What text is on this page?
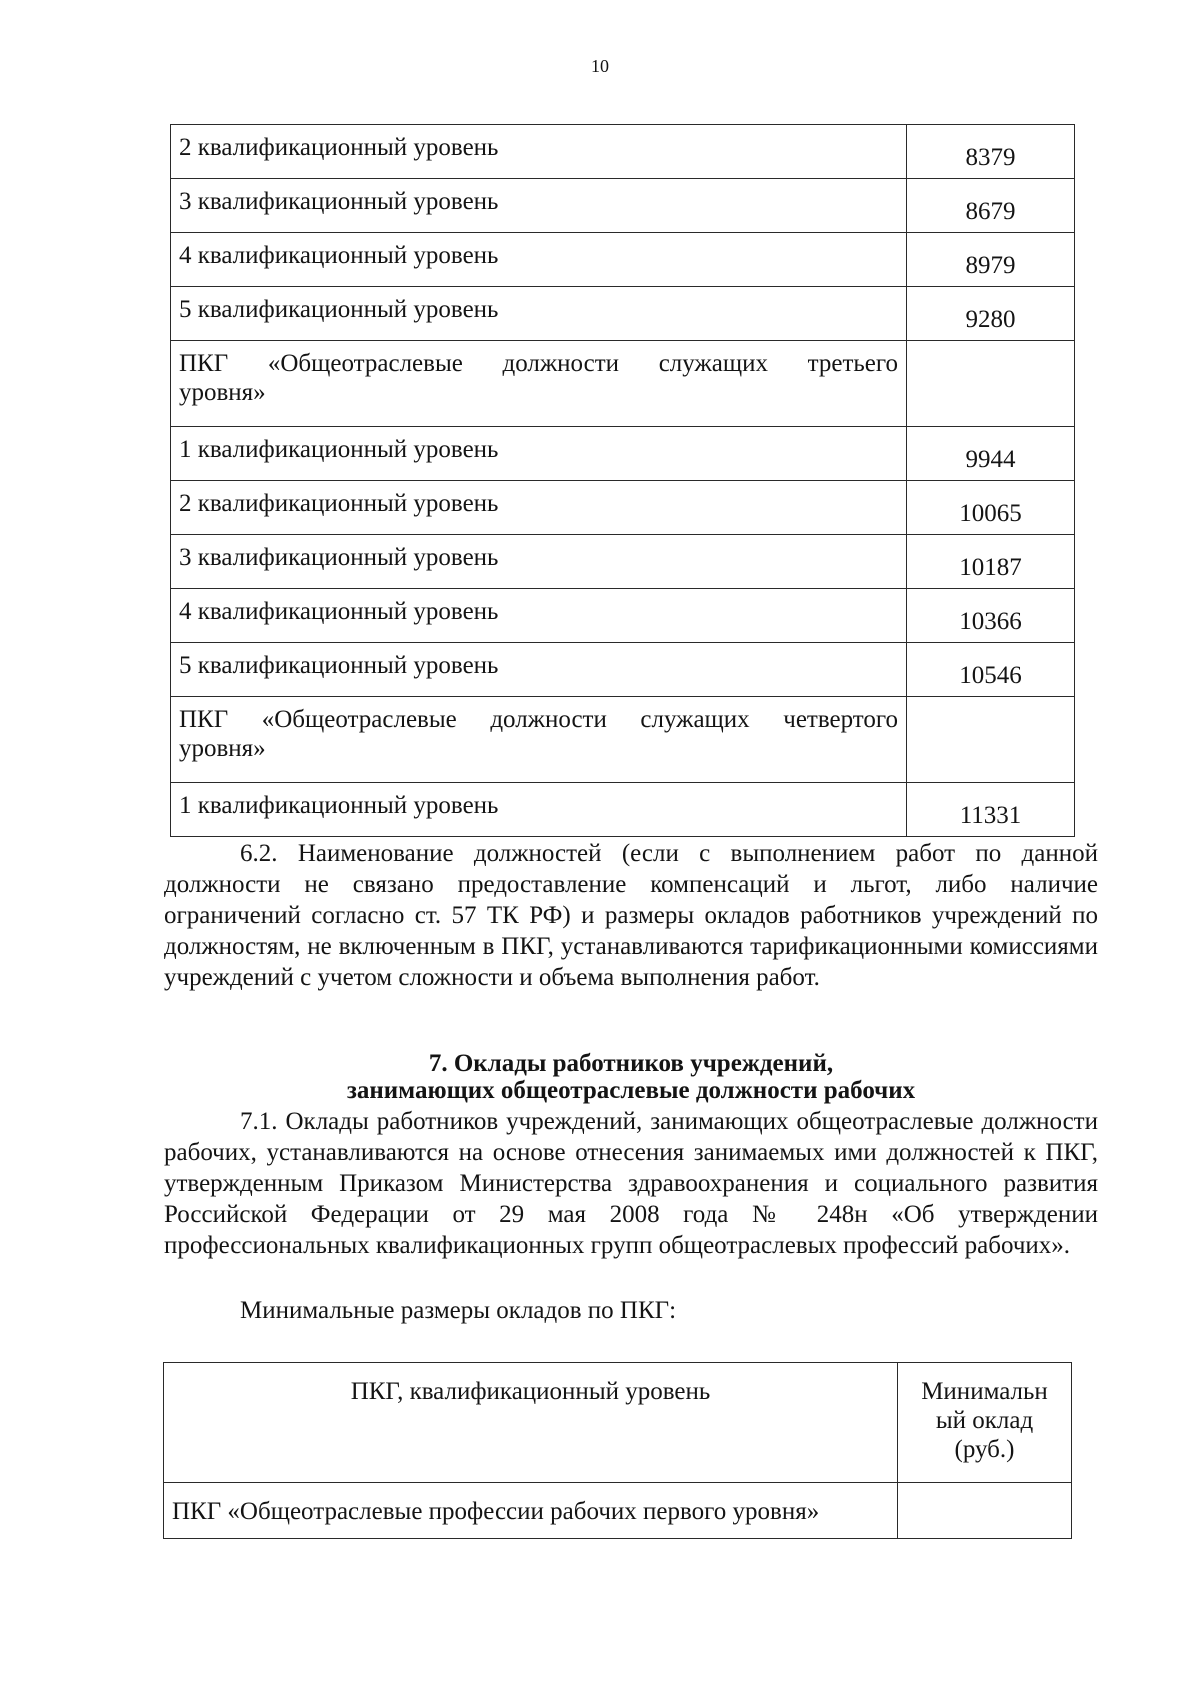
10
2 квалификационный уровень	8379
3 квалификационный уровень	8679
4 квалификационный уровень	8979
5 квалификационный уровень	9280

ПКГ «Общеотраслевые должности служащих третьего
уровня»	
1 квалификационный уровень	9944
2 квалификационный уровень	10065
3 квалификационный уровень	10187
4 квалификационный уровень	10366
5 квалификационный уровень	10546

ПКГ «Общеотраслевые должности служащих четвертого
уровня»	
1 квалификационный уровень	11331
6.2. Наименование должностей (если с выполнением работ по данной должности не связано предоставление компенсаций и льгот, либо наличие ограничений согласно ст. 57 ТК РФ) и размеры окладов работников учреждений по должностям, не включенным в ПКГ, устанавливаются тарификационными комиссиями учреждений с учетом сложности и объема выполнения работ.
7. Оклады работников учреждений,
занимающих общеотраслевые должности рабочих
7.1. Оклады работников учреждений, занимающих общеотраслевые должности рабочих, устанавливаются на основе отнесения занимаемых ими должностей к ПКГ, утвержденным Приказом Министерства здравоохранения и социального развития Российской Федерации от 29 мая 2008 года № 248н «Об утверждении профессиональных квалификационных групп общеотраслевых профессий рабочих».
Минимальные размеры окладов по ПКГ:
ПКГ, квалификационный уровень	Минимальн
ый оклад
(руб.)

ПКГ «Общеотраслевые профессии рабочих первого уровня»	
